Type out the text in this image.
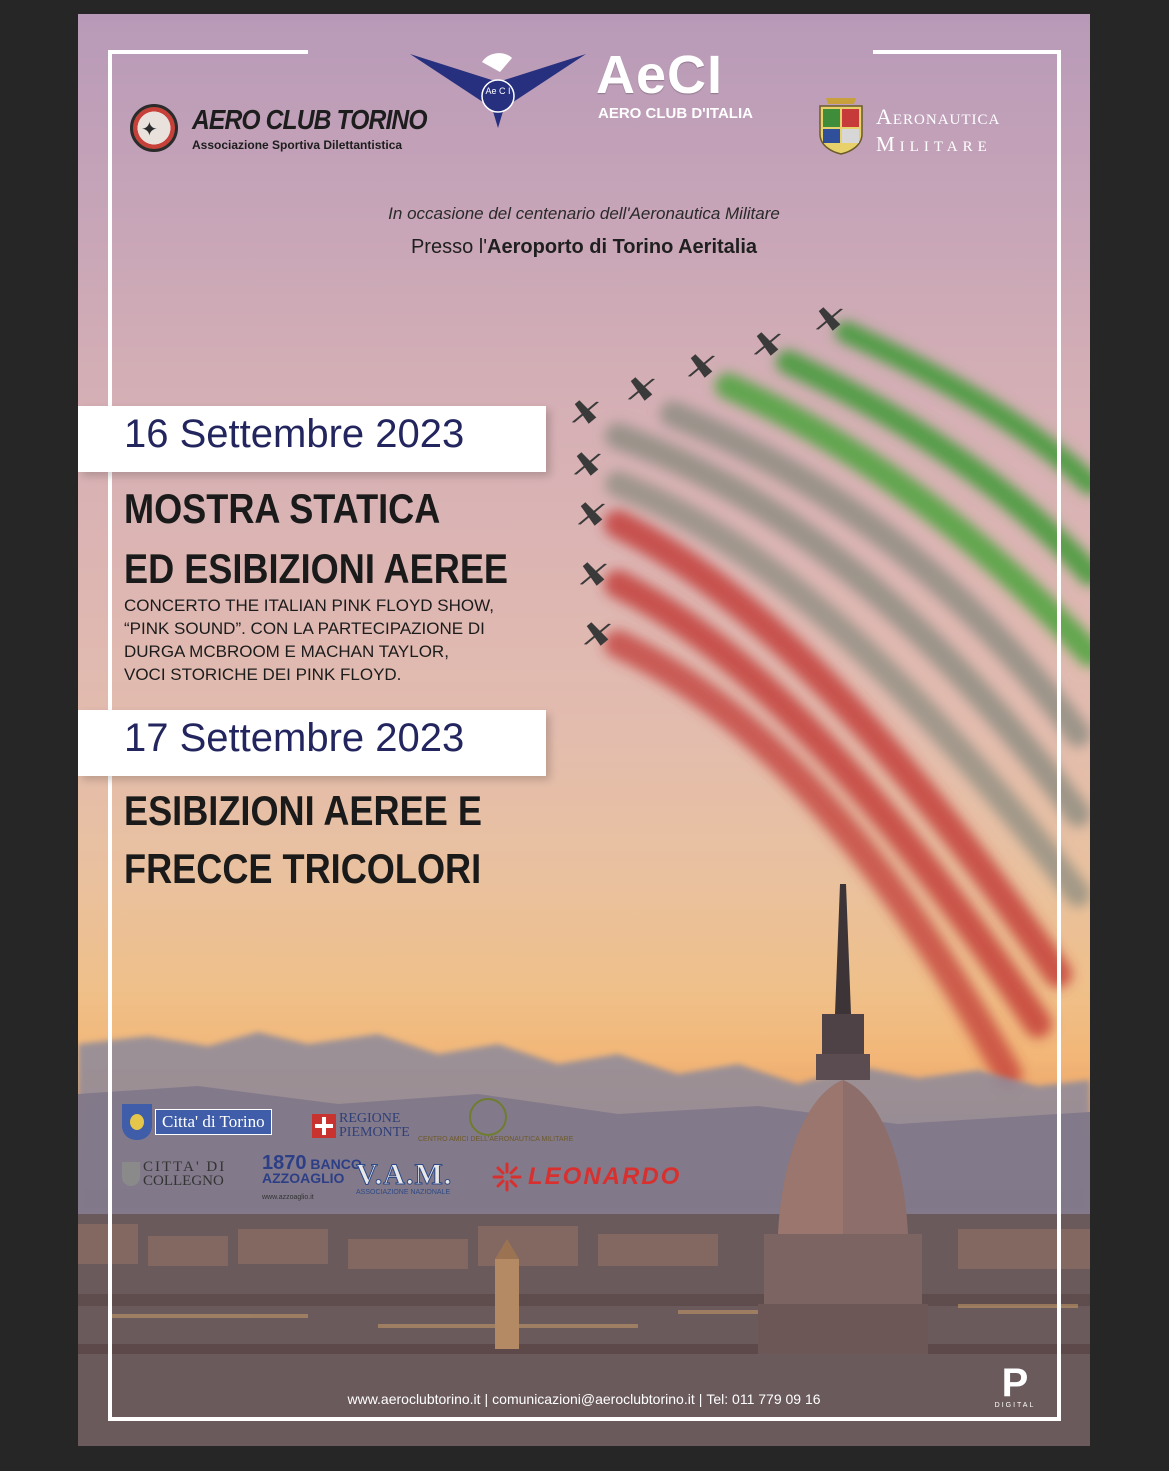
✦ AERO CLUB TORINO
Associazione Sportiva Dilettantistica
Ae C I AeCI
AERO CLUB D'ITALIA	Aeronautica
Militare
In occasione del centenario dell'Aeronautica Militare
Presso l'Aeroporto di Torino Aeritalia
16 Settembre 2023
MOSTRA STATICA
ED ESIBIZIONI AEREE
CONCERTO THE ITALIAN PINK FLOYD SHOW,
“PINK SOUND”. CON LA PARTECIPAZIONE DI
DURGA MCBROOM E MACHAN TAYLOR,
VOCI STORICHE DEI PINK FLOYD.
17 Settembre 2023
ESIBIZIONI AEREE E
FRECCE TRICOLORI
Citta' di Torino	REGIONE
PIEMONTE CENTRO AMICI DELL'AERONAUTICA MILITARE
CITTA' DI
COLLEGNO
1870 BANCO
AZZOAGLIO
www.azzoaglio.it
V.A.M.
ASSOCIAZIONE NAZIONALE
LEONARDO
www.aeroclubtorino.it | comunicazioni@aeroclubtorino.it | Tel: 011 779 09 16	P
DIGITAL
